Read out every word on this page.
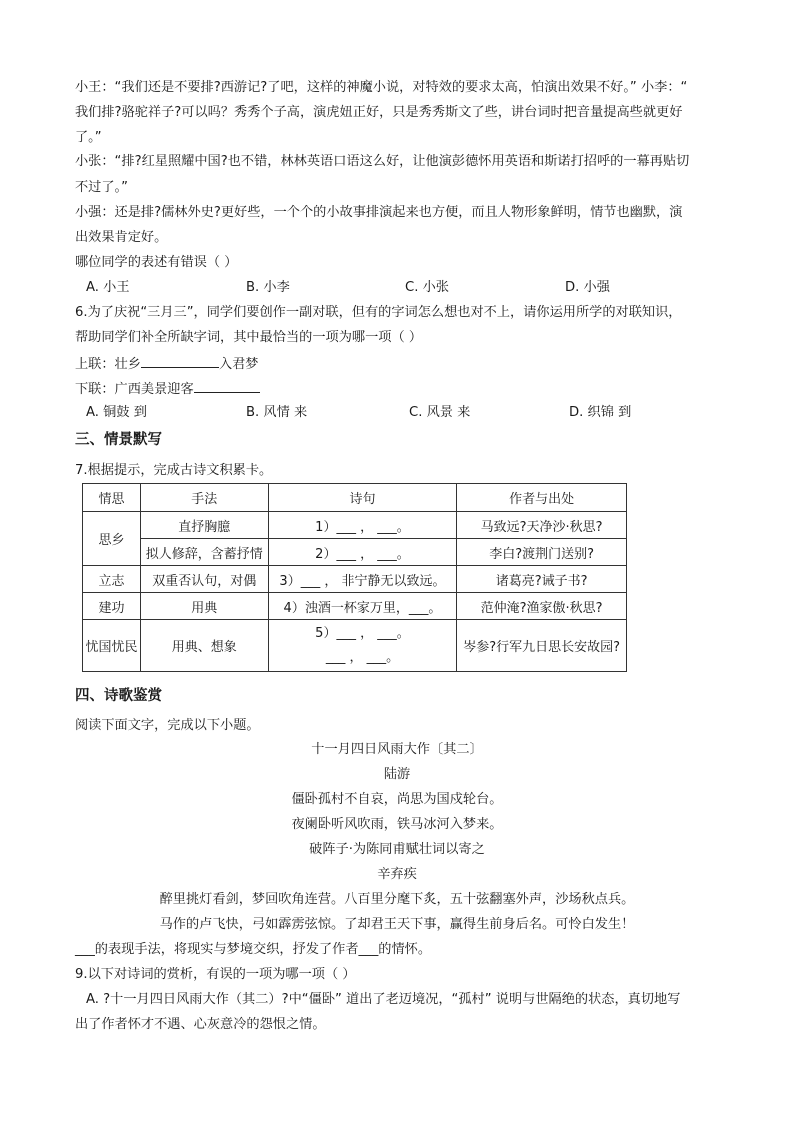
小王：“我们还是不要排?西游记?了吧，这样的神魔小说，对特效的要求太高，怕演出效果不好。” 小李：“
我们排?骆驼祥子?可以吗？秀秀个子高，演虎妞正好，只是秀秀斯文了些，讲台词时把音量提高些就更好
了。”
小张：“排?红星照耀中国?也不错，林林英语口语这么好，让他演彭德怀用英语和斯诺打招呼的一幕再贴切
不过了。”
小强：还是排?儒林外史?更好些，一个个的小故事排演起来也方便，而且人物形象鲜明，情节也幽默，演
出效果肯定好。
哪位同学的表述有错误（ ）
A. 小王	B. 小李	C. 小张	D. 小强
6.为了庆祝“三月三”，同学们要创作一副对联，但有的字词怎么想也对不上，请你运用所学的对联知识，
帮助同学们补全所缺字词，其中最恰当的一项为哪一项（ ）
上联：壮乡	入君梦
下联：广西美景迎客
A. 铜鼓 到	B. 风情 来	C. 风景 来	D. 织锦 到
三、情景默写
7.根据提示，完成古诗文积累卡。
情思	手法	诗句	作者与出处
思乡	直抒胸臆	1）___ ， ___。	马致远?天净沙·秋思?
	拟人修辞，含蓄抒情	2）___ ， ___。	李白?渡荆门送别?
立志	双重否认句，对偶	3）___ ， 非宁静无以致远。	诸葛亮?诫子书?
建功	用典	4）浊酒一杯家万里，___。	范仲淹?渔家傲·秋思?
忧国忧民	用典、想象	5）___ ， ___。
___ ， ___。	岑参?行军九日思长安故园?
四、诗歌鉴赏
阅读下面文字，完成以下小题。
十一月四日风雨大作〔其二〕
陆游
僵卧孤村不自哀，尚思为国戍轮台。
夜阑卧听风吹雨，铁马冰河入梦来。
破阵子·为陈同甫赋壮词以寄之
辛弃疾
醉里挑灯看剑，梦回吹角连营。八百里分麾下炙，五十弦翻塞外声，沙场秋点兵。
马作的卢飞快，弓如霹雳弦惊。了却君王天下事，赢得生前身后名。可怜白发生！
___的表现手法，将现实与梦境交织，抒发了作者___的情怀。
9.以下对诗词的赏析，有误的一项为哪一项（ ）
A. ?十一月四日风雨大作（其二）?中“僵卧” 道出了老迈境况，“孤村” 说明与世隔绝的状态，真切地写
出了作者怀才不遇、心灰意冷的怨恨之情。
